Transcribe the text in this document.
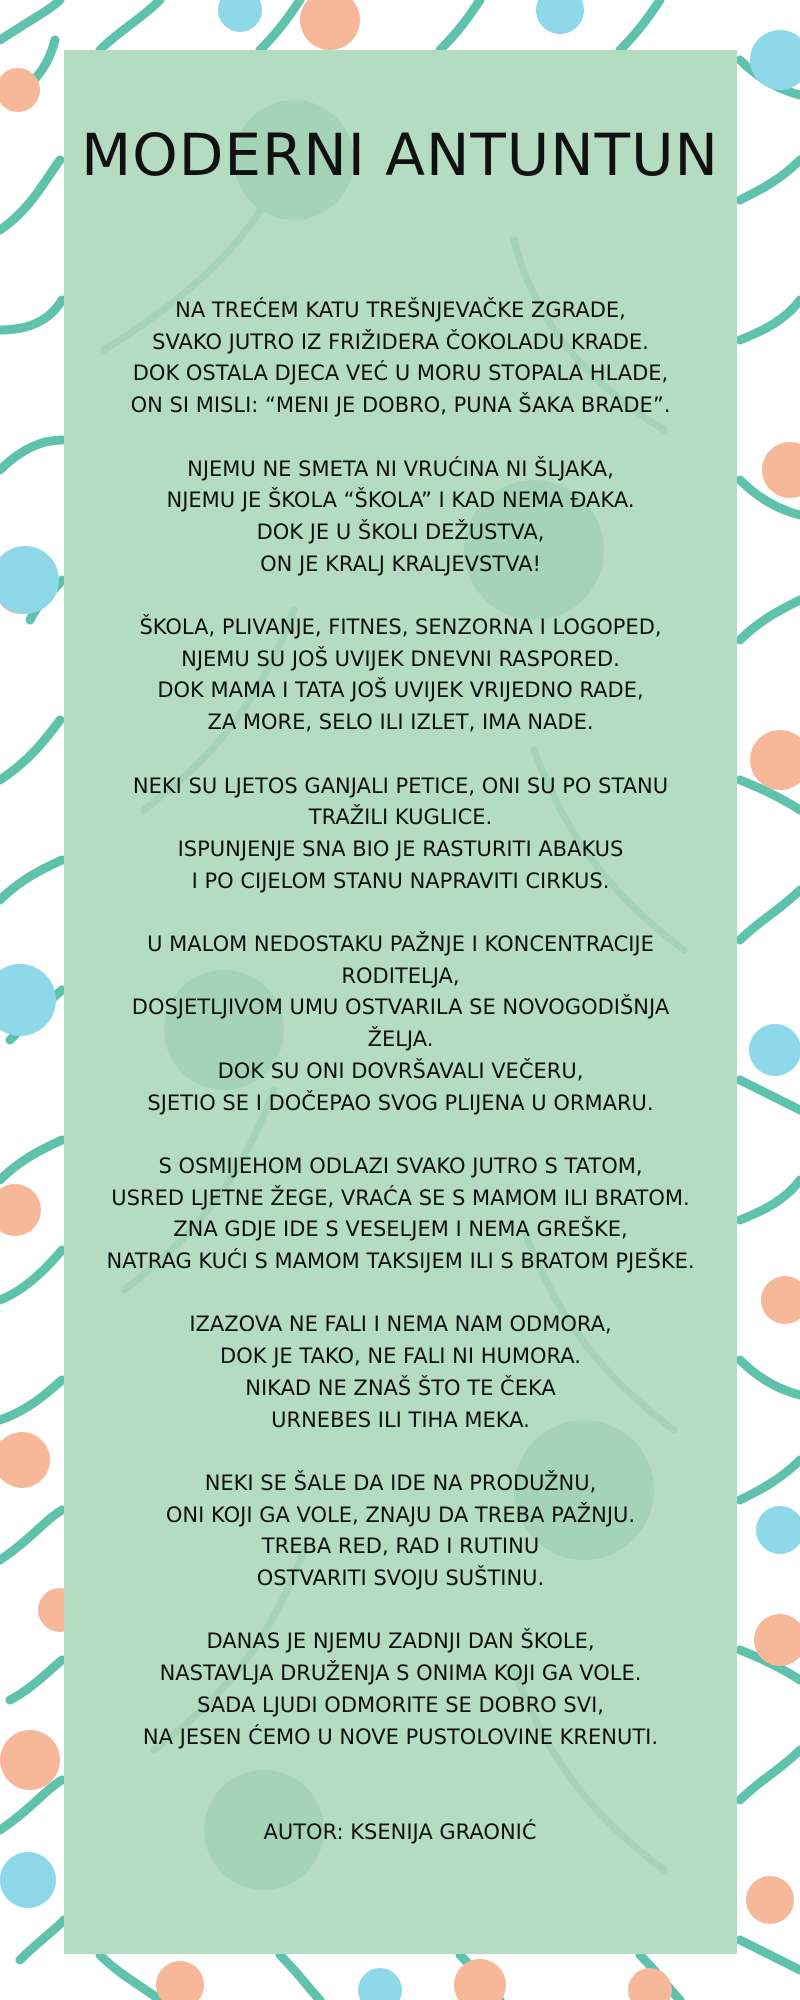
MODERNI ANTUNTUN

NA TREĆEM KATU TREŠNJEVAČKE ZGRADE,
SVAKO JUTRO IZ FRIŽIDERA ČOKOLADU KRADE.
DOK OSTALA DJECA VEĆ U MORU STOPALA HLADE,
ON SI MISLI: “MENI JE DOBRO, PUNA ŠAKA BRADE”.

NJEMU NE SMETA NI VRUĆINA NI ŠLJAKA,
NJEMU JE ŠKOLA “ŠKOLA” I KAD NEMA ĐAKA.
DOK JE U ŠKOLI DEŽUSTVA,
ON JE KRALJ KRALJEVSTVA!

ŠKOLA, PLIVANJE, FITNES, SENZORNA I LOGOPED,
NJEMU SU JOŠ UVIJEK DNEVNI RASPORED.
DOK MAMA I TATA JOŠ UVIJEK VRIJEDNO RADE,
ZA MORE, SELO ILI IZLET, IMA NADE.

NEKI SU LJETOS GANJALI PETICE, ONI SU PO STANU
TRAŽILI KUGLICE.
ISPUNJENJE SNA BIO JE RASTURITI ABAKUS
I PO CIJELOM STANU NAPRAVITI CIRKUS.

U MALOM NEDOSTAKU PAŽNJE I KONCENTRACIJE
RODITELJA,
DOSJETLJIVOM UMU OSTVARILA SE NOVOGODIŠNJA
ŽELJA.
DOK SU ONI DOVRŠAVALI VEČERU,
SJETIO SE I DOČEPAO SVOG PLIJENA U ORMARU.

S OSMIJEHOM ODLAZI SVAKO JUTRO S TATOM,
USRED LJETNE ŽEGE, VRAĆA SE S MAMOM ILI BRATOM.
ZNA GDJE IDE S VESELJEM I NEMA GREŠKE,
NATRAG KUĆI S MAMOM TAKSIJEM ILI S BRATOM PJEŠKE.

IZAZOVA NE FALI I NEMA NAM ODMORA,
DOK JE TAKO, NE FALI NI HUMORA.
NIKAD NE ZNAŠ ŠTO TE ČEKA
URNEBES ILI TIHA MEKA.

NEKI SE ŠALE DA IDE NA PRODUŽNU,
ONI KOJI GA VOLE, ZNAJU DA TREBA PAŽNJU.
TREBA RED, RAD I RUTINU
OSTVARITI SVOJU SUŠTINU.

DANAS JE NJEMU ZADNJI DAN ŠKOLE,
NASTAVLJA DRUŽENJA S ONIMA KOJI GA VOLE.
SADA LJUDI ODMORITE SE DOBRO SVI,
NA JESEN ĆEMO U NOVE PUSTOLOVINE KRENUTI.

AUTOR: KSENIJA GRAONIĆ
